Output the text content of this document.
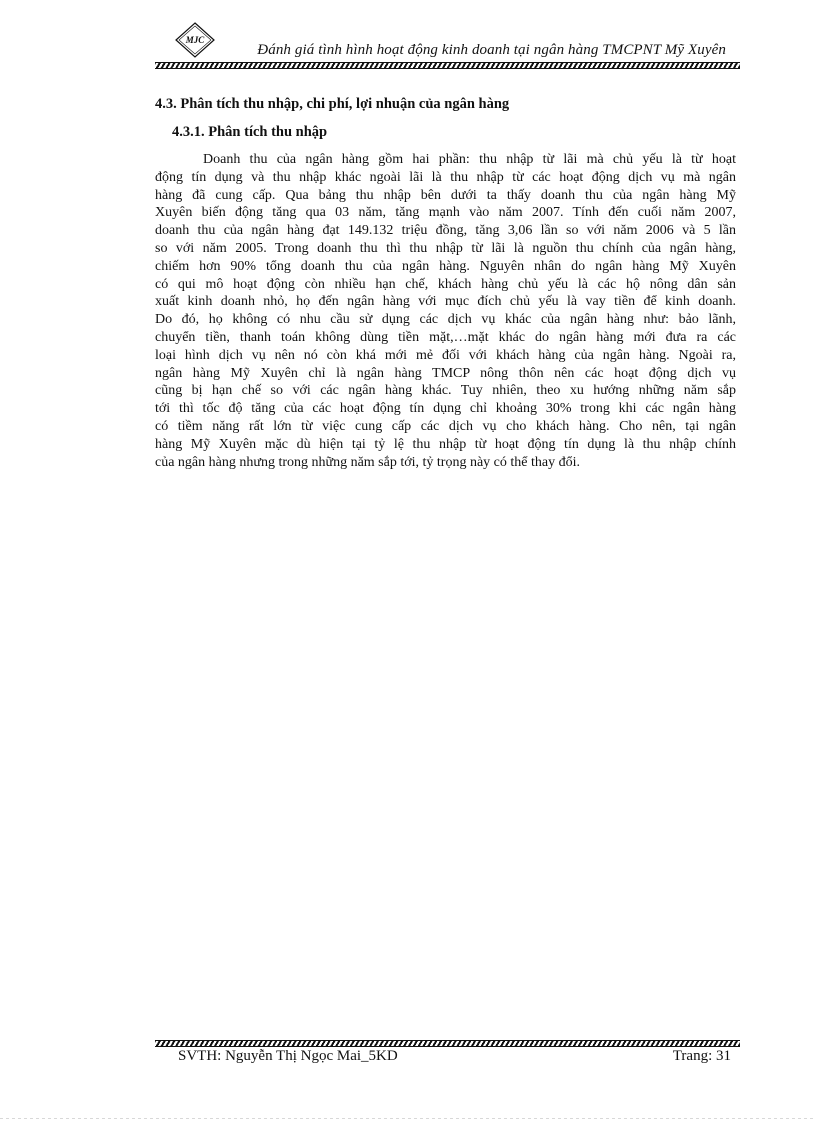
MJC
Đánh giá tình hình hoạt động kinh doanh tại ngân hàng TMCPNT Mỹ Xuyên
4.3. Phân tích thu nhập, chi phí, lợi nhuận của ngân hàng
4.3.1. Phân tích thu nhập
Doanh thu của ngân hàng gồm hai phần: thu nhập từ lãi mà chủ yếu là từ hoạt
động tín dụng và thu nhập khác ngoài lãi là thu nhập từ các hoạt động dịch vụ mà ngân
hàng đã cung cấp. Qua bảng thu nhập bên dưới ta thấy doanh thu của ngân hàng Mỹ
Xuyên biến động tăng qua 03 năm, tăng mạnh vào năm 2007. Tính đến cuối năm 2007,
doanh thu của ngân hàng đạt 149.132 triệu đồng, tăng 3,06 lần so với năm 2006 và 5 lần
so với năm 2005. Trong doanh thu thì thu nhập từ lãi là nguồn thu chính của ngân hàng,
chiếm hơn 90% tổng doanh thu của ngân hàng. Nguyên nhân do ngân hàng Mỹ Xuyên
có qui mô hoạt động còn nhiều hạn chế, khách hàng chủ yếu là các hộ nông dân sản
xuất kinh doanh nhỏ, họ đến ngân hàng với mục đích chủ yếu là vay tiền để kinh doanh.
Do đó, họ không có nhu cầu sử dụng các dịch vụ khác của ngân hàng như: bảo lãnh,
chuyển tiền, thanh toán không dùng tiền mặt,…mặt khác do ngân hàng mới đưa ra các
loại hình dịch vụ nên nó còn khá mới mẻ đối với khách hàng của ngân hàng. Ngoài ra,
ngân hàng Mỹ Xuyên chỉ là ngân hàng TMCP nông thôn nên các hoạt động dịch vụ
cũng bị hạn chế so với các ngân hàng khác. Tuy nhiên, theo xu hướng những năm sắp
tới thì tốc độ tăng của các hoạt động tín dụng chỉ khoảng 30% trong khi các ngân hàng
có tiềm năng rất lớn từ việc cung cấp các dịch vụ cho khách hàng. Cho nên, tại ngân
hàng Mỹ Xuyên mặc dù hiện tại tỷ lệ thu nhập từ hoạt động tín dụng là thu nhập chính
của ngân hàng nhưng trong những năm sắp tới, tỷ trọng này có thể thay đổi.
SVTH: Nguyễn Thị Ngọc Mai_5KD	Trang: 31
